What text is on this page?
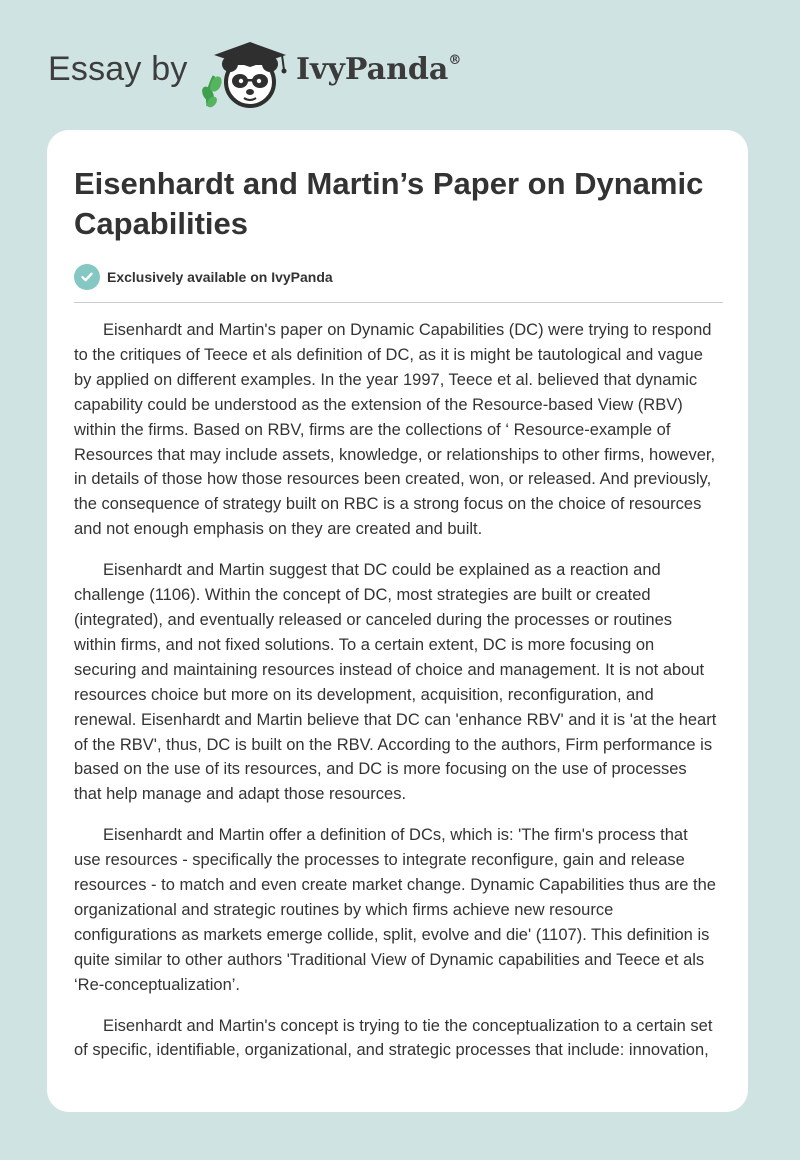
Essay by	IvyPanda®
Eisenhardt and Martin’s Paper on Dynamic Capabilities
Exclusively available on IvyPanda

Eisenhardt and Martin's paper on Dynamic Capabilities (DC) were trying to respond
to the critiques of Teece et als definition of DC, as it is might be tautological and vague
by applied on different examples. In the year 1997, Teece et al. believed that dynamic
capability could be understood as the extension of the Resource-based View (RBV)
within the firms. Based on RBV, firms are the collections of ‘ Resource-example of
Resources that may include assets, knowledge, or relationships to other firms, however,
in details of those how those resources been created, won, or released. And previously,
the consequence of strategy built on RBC is a strong focus on the choice of resources
and not enough emphasis on they are created and built.

Eisenhardt and Martin suggest that DC could be explained as a reaction and
challenge (1106). Within the concept of DC, most strategies are built or created
(integrated), and eventually released or canceled during the processes or routines
within firms, and not fixed solutions. To a certain extent, DC is more focusing on
securing and maintaining resources instead of choice and management. It is not about
resources choice but more on its development, acquisition, reconfiguration, and
renewal. Eisenhardt and Martin believe that DC can 'enhance RBV' and it is 'at the heart
of the RBV', thus, DC is built on the RBV. According to the authors, Firm performance is
based on the use of its resources, and DC is more focusing on the use of processes
that help manage and adapt those resources.

Eisenhardt and Martin offer a definition of DCs, which is: 'The firm's process that
use resources - specifically the processes to integrate reconfigure, gain and release
resources - to match and even create market change. Dynamic Capabilities thus are the
organizational and strategic routines by which firms achieve new resource
configurations as markets emerge collide, split, evolve and die' (1107). This definition is
quite similar to other authors 'Traditional View of Dynamic capabilities and Teece et als
‘Re-conceptualization’.

Eisenhardt and Martin's concept is trying to tie the conceptualization to a certain set
of specific, identifiable, organizational, and strategic processes that include: innovation,
